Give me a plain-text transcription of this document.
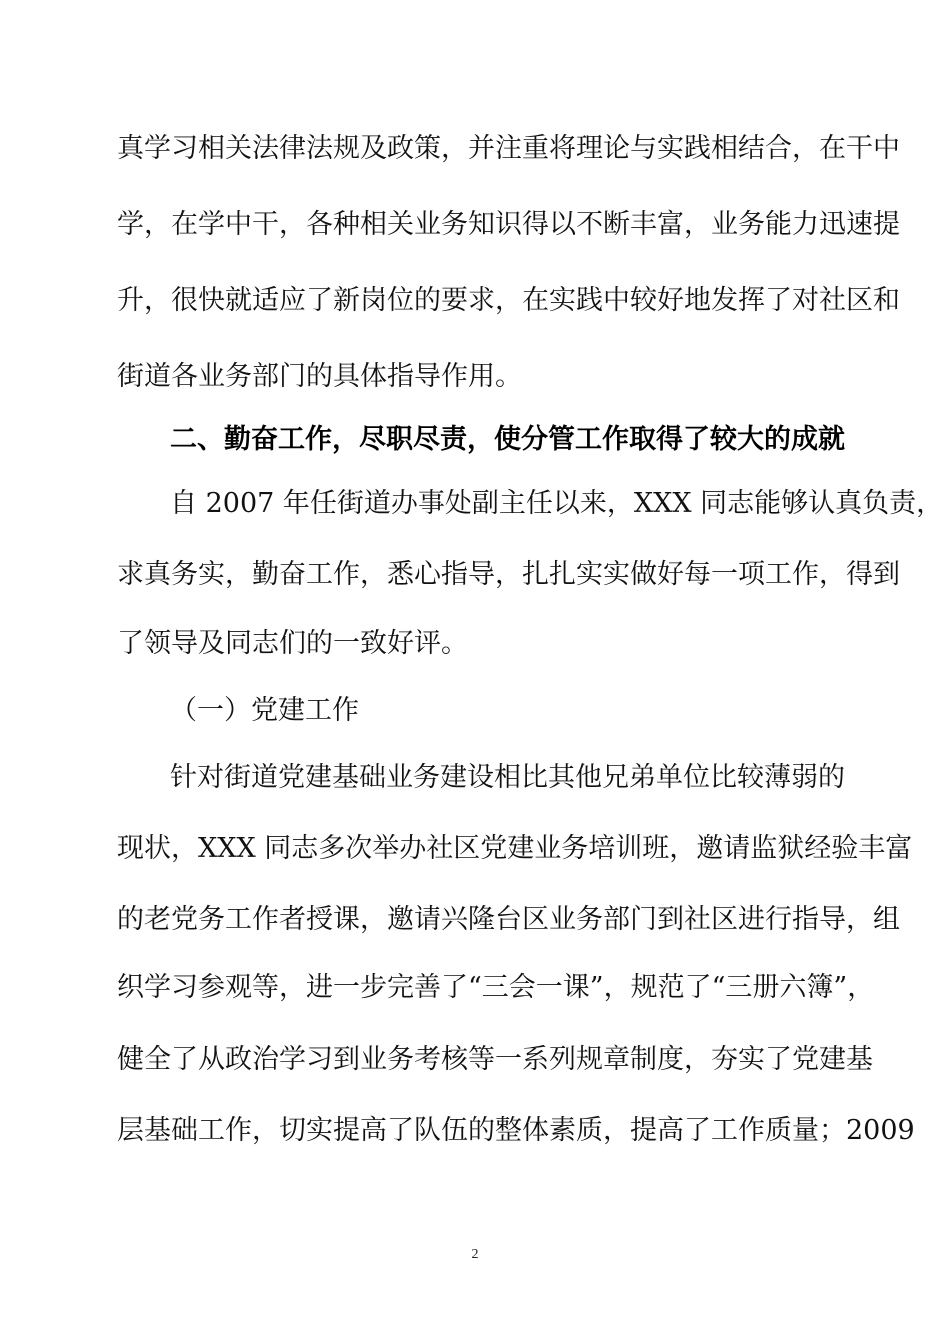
真学习相关法律法规及政策，并注重将理论与实践相结合，在干中
学，在学中干，各种相关业务知识得以不断丰富，业务能力迅速提
升，很快就适应了新岗位的要求，在实践中较好地发挥了对社区和
街道各业务部门的具体指导作用。
二、勤奋工作，尽职尽责，使分管工作取得了较大的成就
自 2007 年任街道办事处副主任以来，XXX 同志能够认真负责，
求真务实，勤奋工作，悉心指导，扎扎实实做好每一项工作，得到
了领导及同志们的一致好评。
（一）党建工作
针对街道党建基础业务建设相比其他兄弟单位比较薄弱的
现状，XXX 同志多次举办社区党建业务培训班，邀请监狱经验丰富
的老党务工作者授课，邀请兴隆台区业务部门到社区进行指导，组
织学习参观等，进一步完善了“三会一课”，规范了“三册六簿”，
健全了从政治学习到业务考核等一系列规章制度，夯实了党建基
层基础工作，切实提高了队伍的整体素质，提高了工作质量；2009
2
